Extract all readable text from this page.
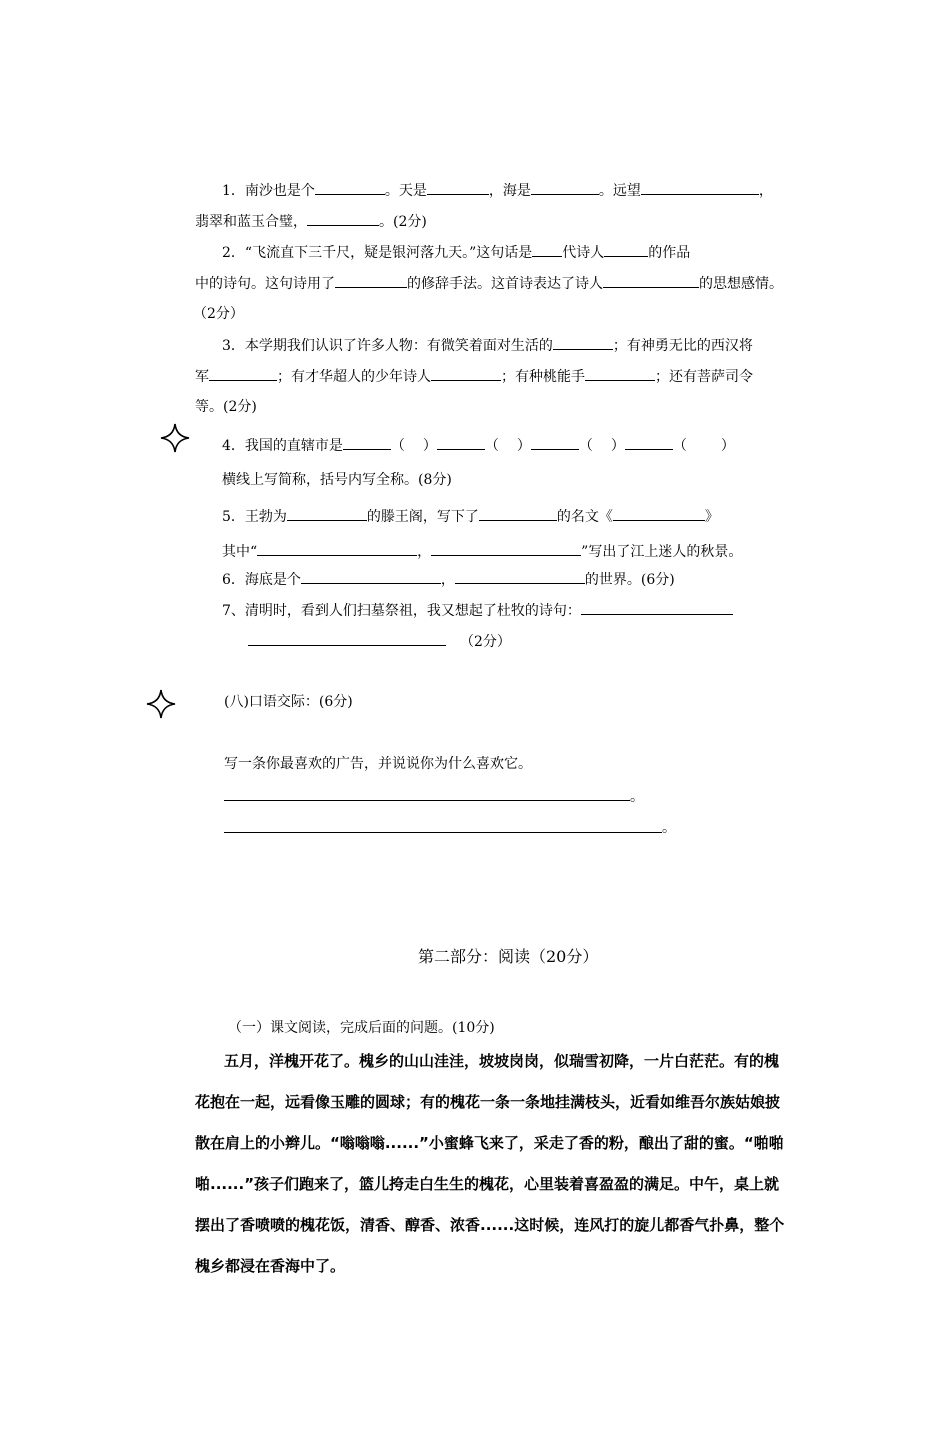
1．南沙也是个	。天是	，海是	。远望	，
翡翠和蓝玉合璧，	。(2分)
2．“飞流直下三千尺，疑是银河落九天。”这句话是 代诗人	的作品
中的诗句。这句诗用了	的修辞手法。这首诗表达了诗人	的思想感情。
（2分）
3．本学期我们认识了许多人物：有微笑着面对生活的	；有神勇无比的西汉将
军	；有才华超人的少年诗人	；有种桃能手	；还有菩萨司令
等。(2分)
4．我国的直辖市是	（ ）	（ ）	（ ）	（ ）
横线上写简称，括号内写全称。(8分)
5．王勃为	的滕王阁，写下了	的名文《	》
其中“	，	”写出了江上迷人的秋景。
6．海底是个	，	的世界。(6分)
7、清明时，看到人们扫墓祭祖，我又想起了杜牧的诗句：
（2分）
(八)口语交际：(6分)
写一条你最喜欢的广告，并说说你为什么喜欢它。
。
。
第二部分：阅读（20分）
（一）课文阅读，完成后面的问题。(10分)
五月，洋槐开花了。槐乡的山山洼洼，坡坡岗岗，似瑞雪初降，一片白茫茫。有的槐
花抱在一起，远看像玉雕的圆球；有的槐花一条一条地挂满枝头，近看如维吾尔族姑娘披
散在肩上的小辫儿。“嗡嗡嗡......”小蜜蜂飞来了，采走了香的粉，酿出了甜的蜜。“啪啪
啪......”孩子们跑来了，篮儿挎走白生生的槐花，心里装着喜盈盈的满足。中午，桌上就
摆出了香喷喷的槐花饭，清香、醇香、浓香......这时候，连风打的旋儿都香气扑鼻，整个
槐乡都浸在香海中了。
